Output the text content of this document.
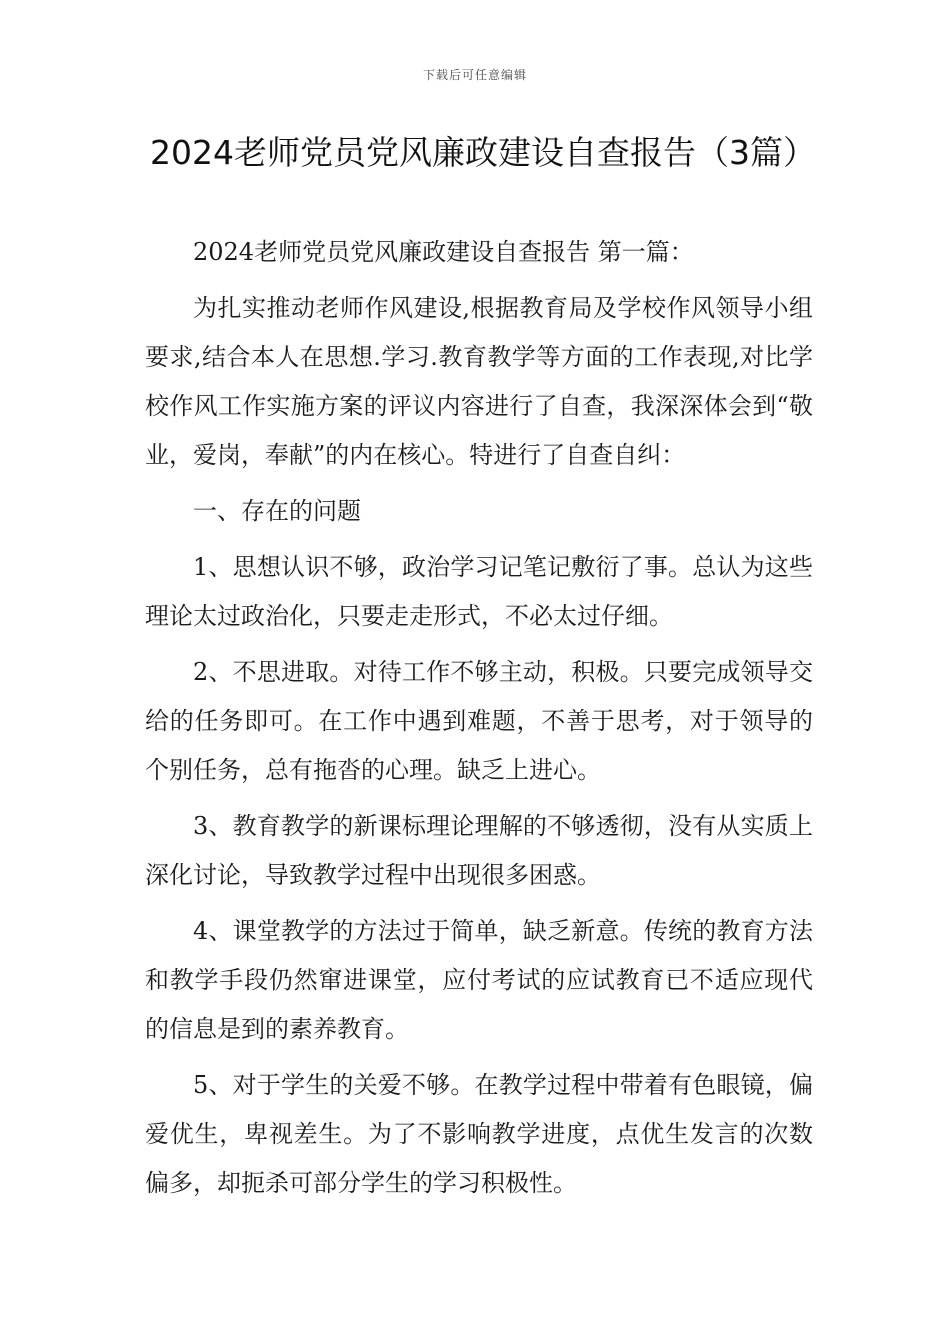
下载后可任意编辑
2024老师党员党风廉政建设自查报告（3篇）

2024老师党员党风廉政建设自查报告 第一篇：

为扎实推动老师作风建设,根据教育局及学校作风领导小组要求,结合本人在思想.学习.教育教学等方面的工作表现,对比学校作风工作实施方案的评议内容进行了自查，我深深体会到“敬业，爱岗，奉献”的内在核心。特进行了自查自纠：

一、存在的问题

1、思想认识不够，政治学习记笔记敷衍了事。总认为这些理论太过政治化，只要走走形式，不必太过仔细。

2、不思进取。对待工作不够主动，积极。只要完成领导交给的任务即可。在工作中遇到难题，不善于思考，对于领导的个别任务，总有拖沓的心理。缺乏上进心。

3、教育教学的新课标理论理解的不够透彻，没有从实质上深化讨论，导致教学过程中出现很多困惑。

4、课堂教学的方法过于简单，缺乏新意。传统的教育方法和教学手段仍然窜进课堂，应付考试的应试教育已不适应现代的信息是到的素养教育。

5、对于学生的关爱不够。在教学过程中带着有色眼镜，偏爱优生，卑视差生。为了不影响教学进度，点优生发言的次数偏多，却扼杀可部分学生的学习积极性。
